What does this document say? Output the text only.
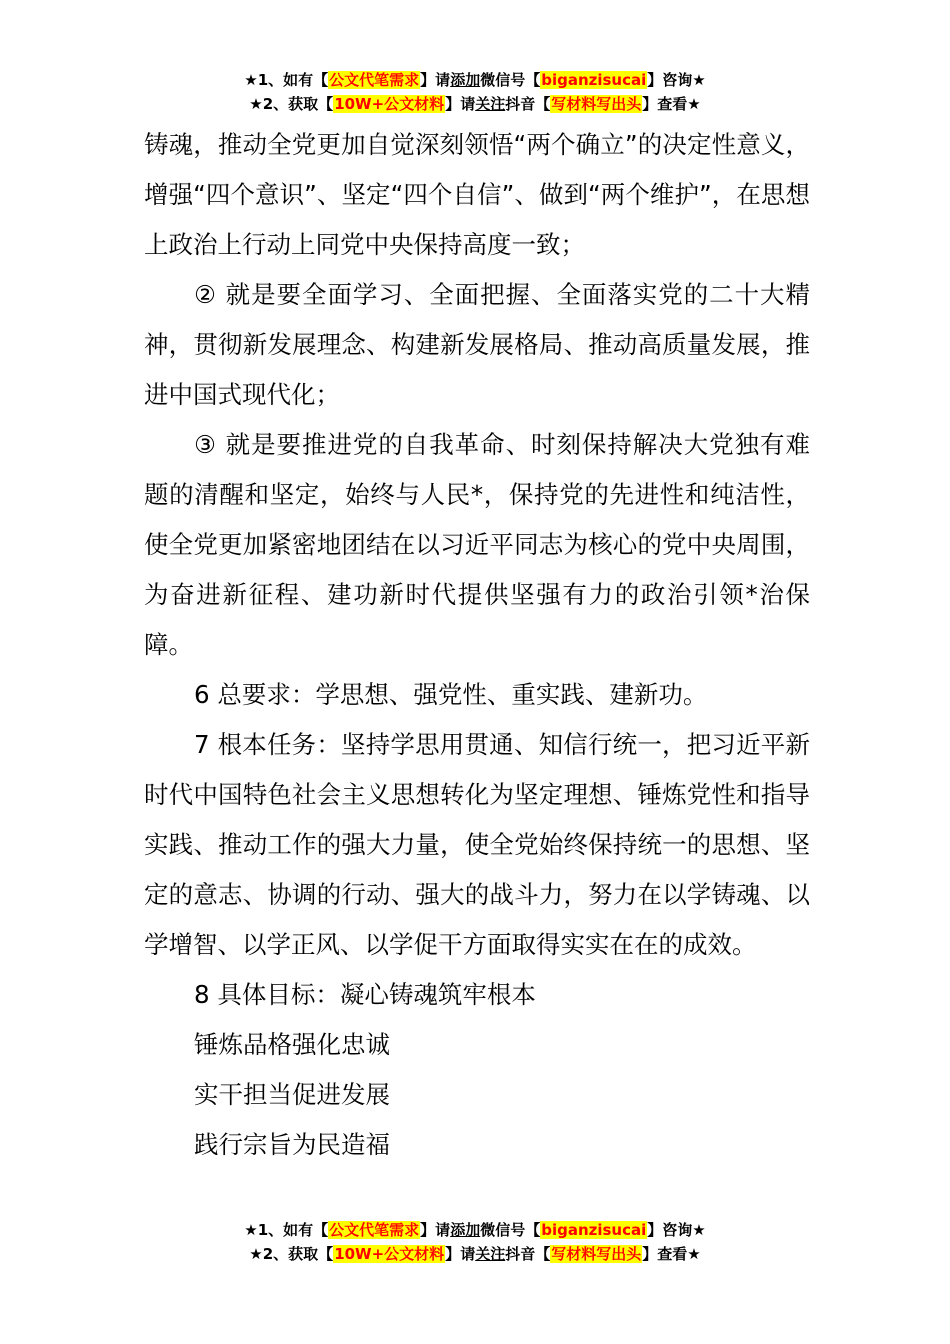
★1、如有【公文代笔需求】请添加微信号【biganzisucai】咨询★
★2、获取【10W+公文材料】请关注抖音【写材料写出头】查看★

铸魂，推动全党更加自觉深刻领悟“两个确立”的决定性意义，增强“四个意识”、坚定“四个自信”、做到“两个维护”，在思想上政治上行动上同党中央保持高度一致；

② 就是要全面学习、全面把握、全面落实党的二十大精神，贯彻新发展理念、构建新发展格局、推动高质量发展，推进中国式现代化；

③ 就是要推进党的自我革命、时刻保持解决大党独有难题的清醒和坚定，始终与人民*，保持党的先进性和纯洁性，使全党更加紧密地团结在以习近平同志为核心的党中央周围，为奋进新征程、建功新时代提供坚强有力的政治引领*治保障。

6 总要求：学思想、强党性、重实践、建新功。

7 根本任务：坚持学思用贯通、知信行统一，把习近平新时代中国特色社会主义思想转化为坚定理想、锤炼党性和指导实践、推动工作的强大力量，使全党始终保持统一的思想、坚定的意志、协调的行动、强大的战斗力，努力在以学铸魂、以学增智、以学正风、以学促干方面取得实实在在的成效。

8 具体目标：凝心铸魂筑牢根本

锤炼品格强化忠诚

实干担当促进发展

践行宗旨为民造福

★1、如有【公文代笔需求】请添加微信号【biganzisucai】咨询★
★2、获取【10W+公文材料】请关注抖音【写材料写出头】查看★
